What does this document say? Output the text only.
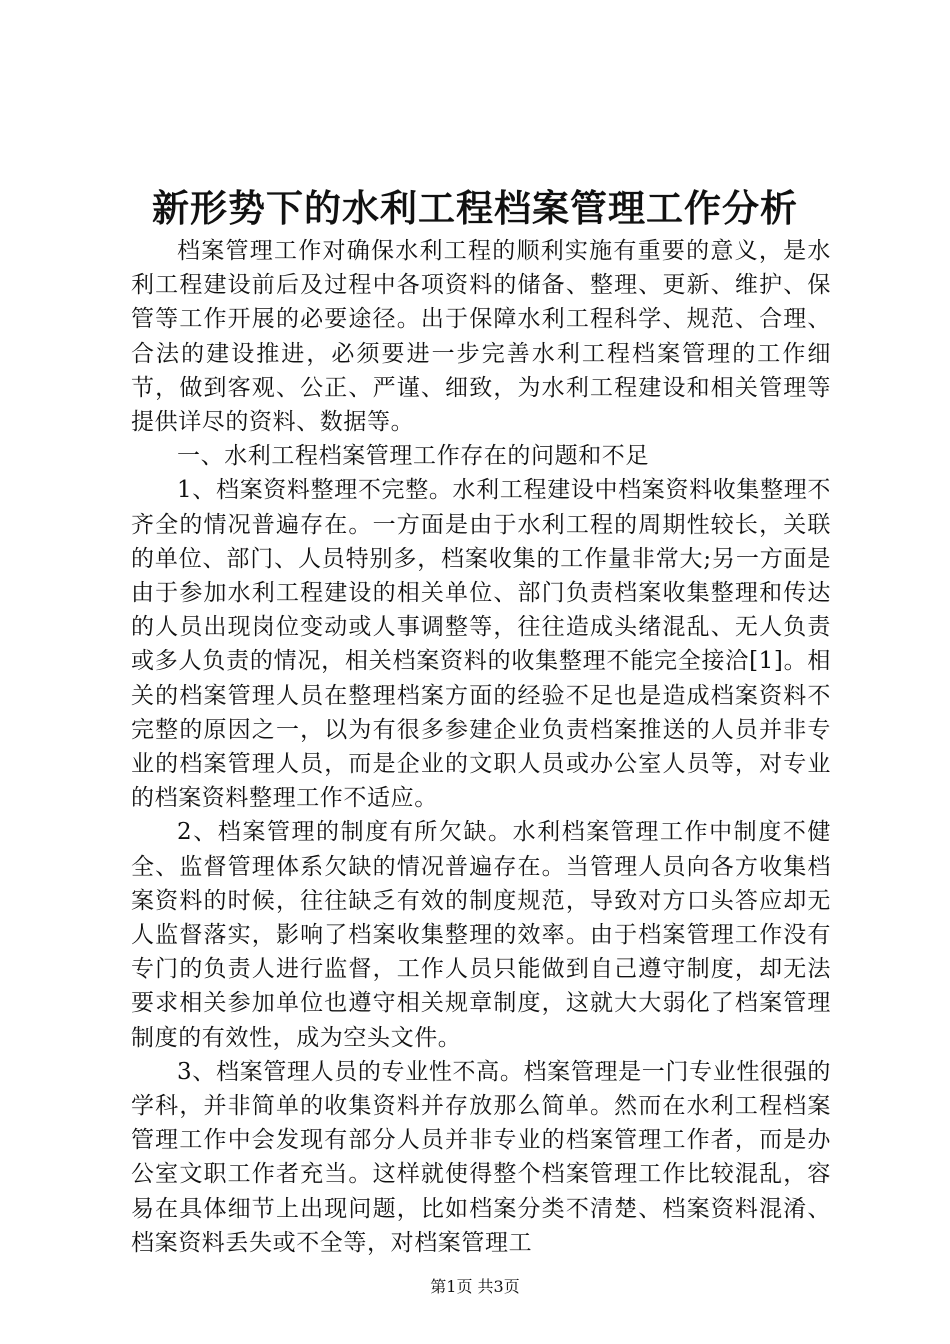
新形势下的水利工程档案管理工作分析

档案管理工作对确保水利工程的顺利实施有重要的意义，是水利工程建设前后及过程中各项资料的储备、整理、更新、维护、保管等工作开展的必要途径。出于保障水利工程科学、规范、合理、合法的建设推进，必须要进一步完善水利工程档案管理的工作细节，做到客观、公正、严谨、细致，为水利工程建设和相关管理等提供详尽的资料、数据等。

一、水利工程档案管理工作存在的问题和不足

1、档案资料整理不完整。水利工程建设中档案资料收集整理不齐全的情况普遍存在。一方面是由于水利工程的周期性较长，关联的单位、部门、人员特别多，档案收集的工作量非常大;另一方面是由于参加水利工程建设的相关单位、部门负责档案收集整理和传达的人员出现岗位变动或人事调整等，往往造成头绪混乱、无人负责或多人负责的情况，相关档案资料的收集整理不能完全接洽[1]。相关的档案管理人员在整理档案方面的经验不足也是造成档案资料不完整的原因之一，以为有很多参建企业负责档案推送的人员并非专业的档案管理人员，而是企业的文职人员或办公室人员等，对专业的档案资料整理工作不适应。

2、档案管理的制度有所欠缺。水利档案管理工作中制度不健全、监督管理体系欠缺的情况普遍存在。当管理人员向各方收集档案资料的时候，往往缺乏有效的制度规范，导致对方口头答应却无人监督落实，影响了档案收集整理的效率。由于档案管理工作没有专门的负责人进行监督，工作人员只能做到自己遵守制度，却无法要求相关参加单位也遵守相关规章制度，这就大大弱化了档案管理制度的有效性，成为空头文件。

3、档案管理人员的专业性不高。档案管理是一门专业性很强的学科，并非简单的收集资料并存放那么简单。然而在水利工程档案管理工作中会发现有部分人员并非专业的档案管理工作者，而是办公室文职工作者充当。这样就使得整个档案管理工作比较混乱，容易在具体细节上出现问题，比如档案分类不清楚、档案资料混淆、档案资料丢失或不全等，对档案管理工

第1页 共3页
